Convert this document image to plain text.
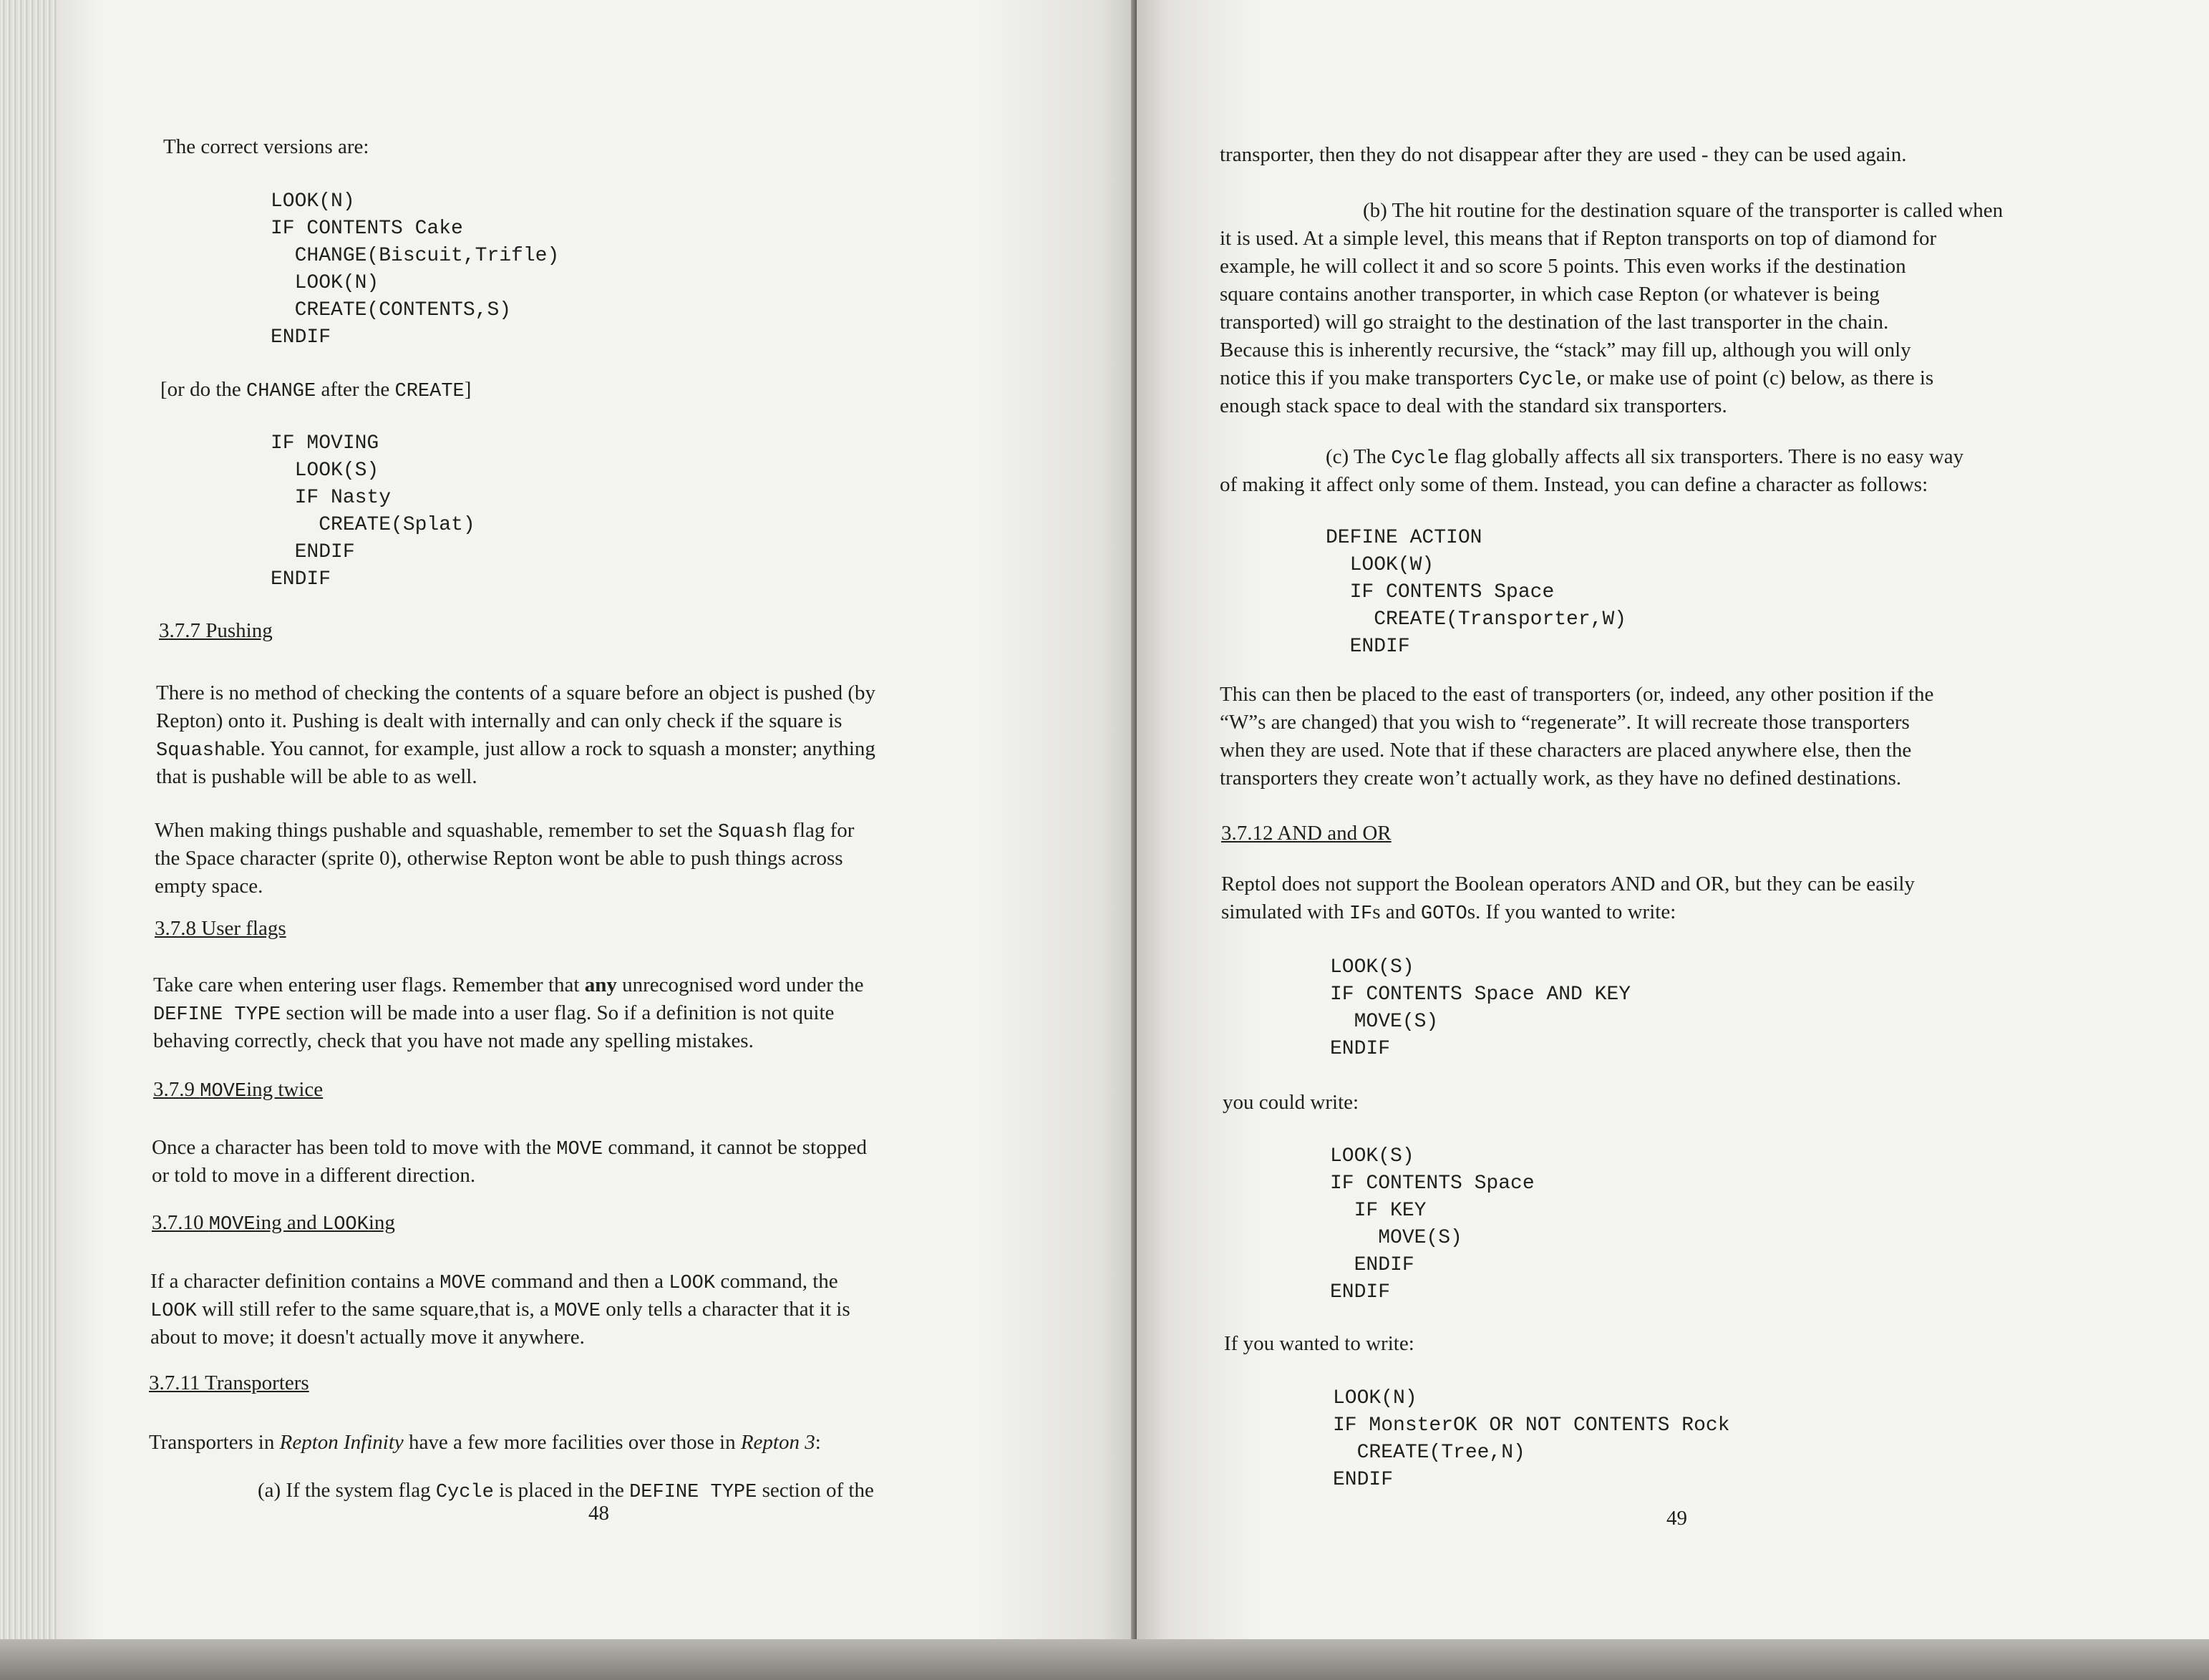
The correct versions are:
LOOK(N)
IF CONTENTS Cake
CHANGE(Biscuit,Trifle)
LOOK(N)
CREATE(CONTENTS,S)
ENDIF
[or do the CHANGE after the CREATE]
IF MOVING
LOOK(S)
IF Nasty
CREATE(Splat)
ENDIF
ENDIF
3.7.7 Pushing
There is no method of checking the contents of a square before an object is pushed (by
Repton) onto it. Pushing is dealt with internally and can only check if the square is
Squashable. You cannot, for example, just allow a rock to squash a monster; anything
that is pushable will be able to as well.
When making things pushable and squashable, remember to set the Squash flag for
the Space character (sprite 0), otherwise Repton wont be able to push things across
empty space.
3.7.8 User flags
Take care when entering user flags. Remember that any unrecognised word under the
DEFINE TYPE section will be made into a user flag. So if a definition is not quite
behaving correctly, check that you have not made any spelling mistakes.
3.7.9 MOVEing twice
Once a character has been told to move with the MOVE command, it cannot be stopped
or told to move in a different direction.
3.7.10 MOVEing and LOOKing
If a character definition contains a MOVE command and then a LOOK command, the
LOOK will still refer to the same square,that is, a MOVE only tells a character that it is
about to move; it doesn't actually move it anywhere.
3.7.11 Transporters
Transporters in Repton Infinity have a few more facilities over those in Repton 3:
(a) If the system flag Cycle is placed in the DEFINE TYPE section of the
48
transporter, then they do not disappear after they are used - they can be used again.
(b) The hit routine for the destination square of the transporter is called when
it is used. At a simple level, this means that if Repton transports on top of diamond for
example, he will collect it and so score 5 points. This even works if the destination
square contains another transporter, in which case Repton (or whatever is being
transported) will go straight to the destination of the last transporter in the chain.
Because this is inherently recursive, the “stack” may fill up, although you will only
notice this if you make transporters Cycle, or make use of point (c) below, as there is
enough stack space to deal with the standard six transporters.
(c) The Cycle flag globally affects all six transporters. There is no easy way
of making it affect only some of them. Instead, you can define a character as follows:
DEFINE ACTION
LOOK(W)
IF CONTENTS Space
CREATE(Transporter,W)
ENDIF
This can then be placed to the east of transporters (or, indeed, any other position if the
“W”s are changed) that you wish to “regenerate”. It will recreate those transporters
when they are used. Note that if these characters are placed anywhere else, then the
transporters they create won’t actually work, as they have no defined destinations.
3.7.12 AND and OR
Reptol does not support the Boolean operators AND and OR, but they can be easily
simulated with IFs and GOTOs. If you wanted to write:
LOOK(S)
IF CONTENTS Space AND KEY
MOVE(S)
ENDIF
you could write:
LOOK(S)
IF CONTENTS Space
IF KEY
MOVE(S)
ENDIF
ENDIF
If you wanted to write:
LOOK(N)
IF MonsterOK OR NOT CONTENTS Rock
CREATE(Tree,N)
ENDIF
49
